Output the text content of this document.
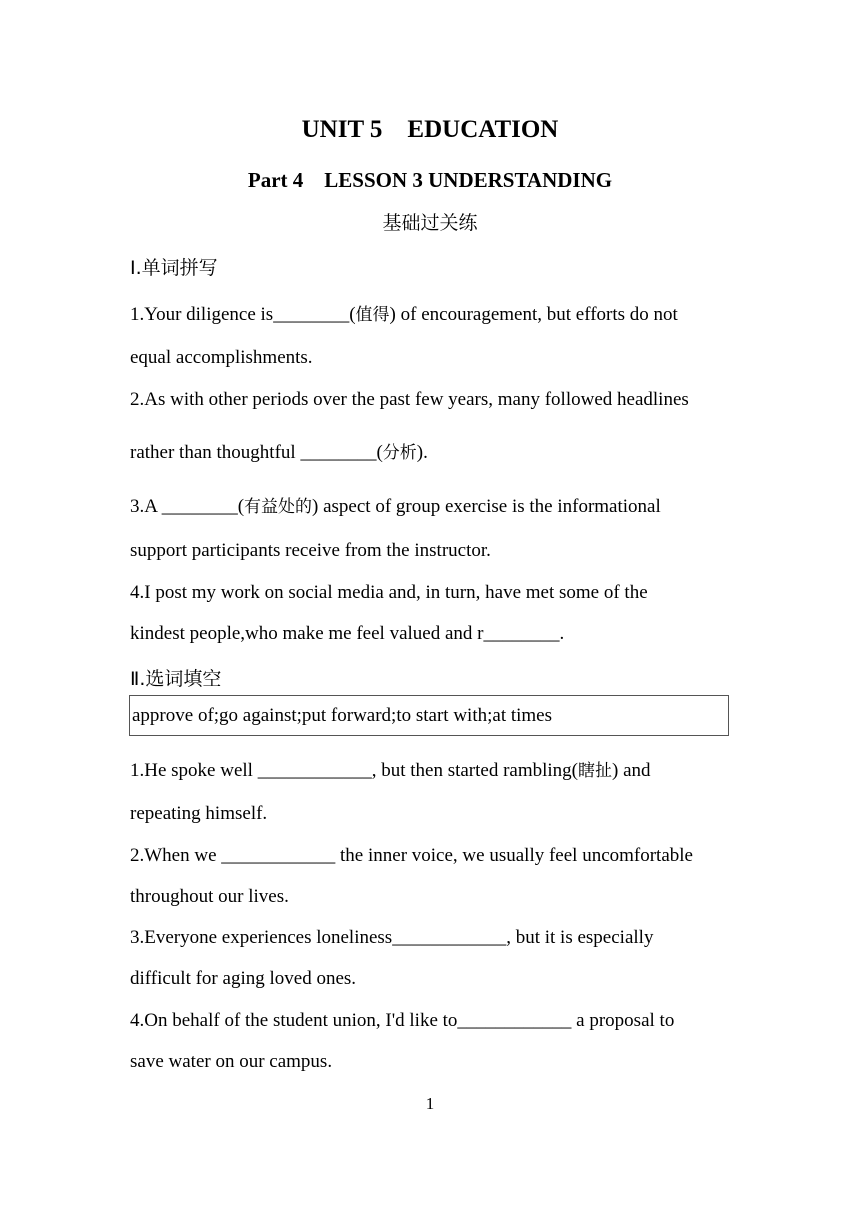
UNIT 5    EDUCATION
Part 4    LESSON 3 UNDERSTANDING
基础过关练
Ⅰ.单词拼写
1.Your diligence is________(值得) of encouragement, but efforts do not
equal accomplishments.
2.As with other periods over the past few years, many followed headlines
rather than thoughtful ________(分析).
3.A ________(有益处的) aspect of group exercise is the informational
support participants receive from the instructor.
4.I post my work on social media and, in turn, have met some of the
kindest people,who make me feel valued and r________.
Ⅱ.选词填空
approve of;go against;put forward;to start with;at times
1.He spoke well ____________, but then started rambling(瞎扯) and
repeating himself.
2.When we ____________ the inner voice, we usually feel uncomfortable
throughout our lives.
3.Everyone experiences loneliness____________, but it is especially
difficult for aging loved ones.
4.On behalf of the student union, I'd like to____________ a proposal to
save water on our campus.
1
